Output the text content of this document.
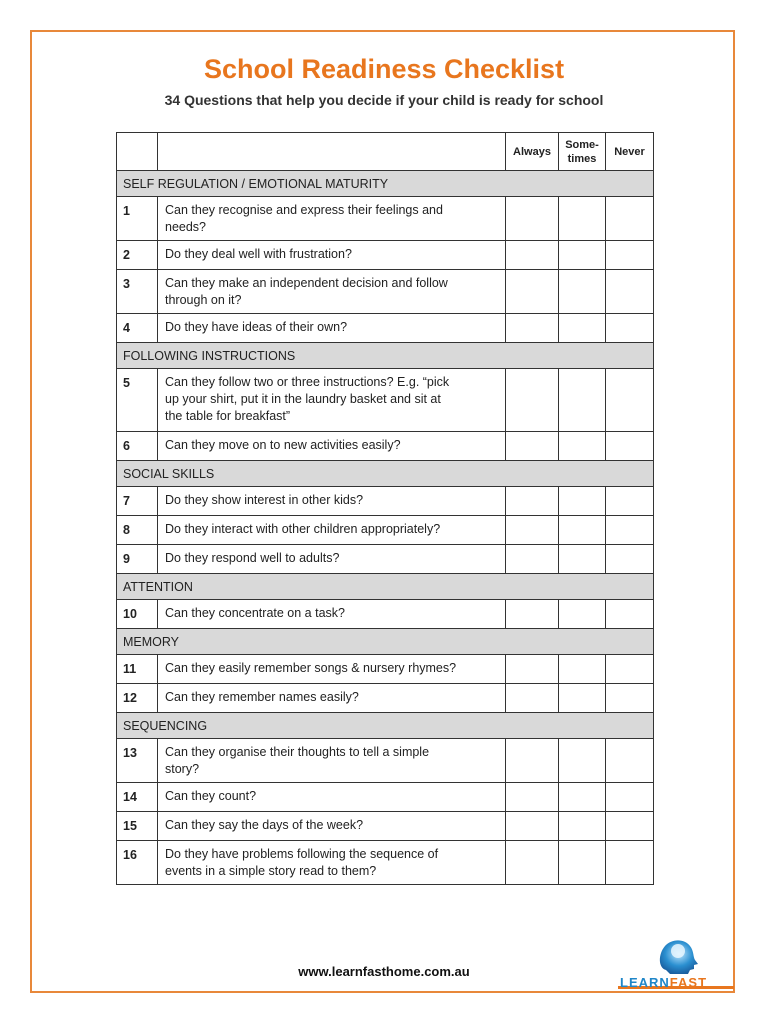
School Readiness Checklist
34 Questions that help you decide if your child is ready for school
		Always	Some-
times	Never
SELF REGULATION / EMOTIONAL MATURITY				
1	Can they recognise and express their feelings and
needs?			

2	Do they deal well with frustration?			

3	Can they make an independent decision and follow
through on it?			

4	Do they have ideas of their own?			

FOLLOWING INSTRUCTIONS				
5	Can they follow two or three instructions? E.g. “pick
up your shirt, put it in the laundry basket and sit at
the table for breakfast”			

6	Can they move on to new activities easily?			

SOCIAL SKILLS				
7	Do they show interest in other kids?			

8	Do they interact with other children appropriately?			

9	Do they respond well to adults?			

ATTENTION				
10	Can they concentrate on a task?			

MEMORY				
11	Can they easily remember songs & nursery rhymes?			

12	Can they remember names easily?			

SEQUENCING				
13	Can they organise their thoughts to tell a simple
story?			

14	Can they count?			

15	Can they say the days of the week?			

16	Do they have problems following the sequence of
events in a simple story read to them?			

www.learnfasthome.com.au
LEARNFAST
